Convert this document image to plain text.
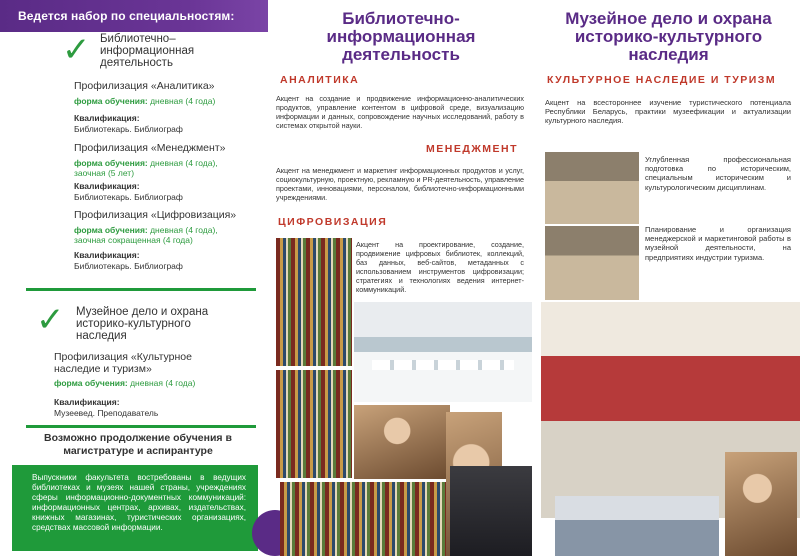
Ведется набор по специальностям:
✓ Библиотечно–
информационная
деятельность
Профилизация «Аналитика»
форма обучения: дневная (4 года)
Квалификация:
Библиотекарь. Библиограф
Профилизация «Менеджмент»
форма обучения: дневная (4 года),
заочная (5 лет)
Квалификация:
Библиотекарь. Библиограф
Профилизация «Цифровизация»
форма обучения: дневная (4 года),
заочная сокращенная (4 года)
Квалификация:
Библиотекарь. Библиограф
✓ Музейное дело и охрана
историко-культурного
наследия
Профилизация «Культурное
наследие и туризм»
форма обучения: дневная (4 года)
Квалификация:
Музеевед. Преподаватель
Возможно продолжение обучения в
магистратуре и аспирантуре

Выпускники факультета востребованы в ведущих библиотеках и музеях нашей страны, учреждениях сферы информационно-документных коммуникаций: информационных центрах, архивах, издательствах, книжных магазинах, туристических организациях, средствах массовой информации.

Библиотечно-
информационная
деятельность
АНАЛИТИКА

Акцент на создание и продвижение информационно-аналитических продуктов, управление контентом в цифровой среде, визуализацию информации и данных, сопровождение научных исследований, работу в системах открытой науки.

МЕНЕДЖМЕНТ

Акцент на менеджмент и маркетинг информационных продуктов и услуг, социокультурную, проектную, рекламную и PR-деятельность, управление проектами, инновациями, персоналом, библиотечно-информационными учреждениями.

ЦИФРОВИЗАЦИЯ

Акцент на проектирование, создание, продвижение цифровых библиотек, коллекций, баз данных, веб-сайтов, метаданных с использованием инструментов цифровизации; стратегиях и технологиях ведения интернет-коммуникаций.

Музейное дело и охрана
историко-культурного
наследия
КУЛЬТУРНОЕ НАСЛЕДИЕ И ТУРИЗМ

Акцент на всестороннее изучение туристического потенциала Республики Беларусь, практики музеефикации и актуализации культурного наследия.

Углубленная профессиональная подготовка по историческим, специальным историческим и культурологическим дисциплинам.

Планирование и организация менеджерской и маркетинговой работы в музейной деятельности, на предприятиях индустрии туризма.
